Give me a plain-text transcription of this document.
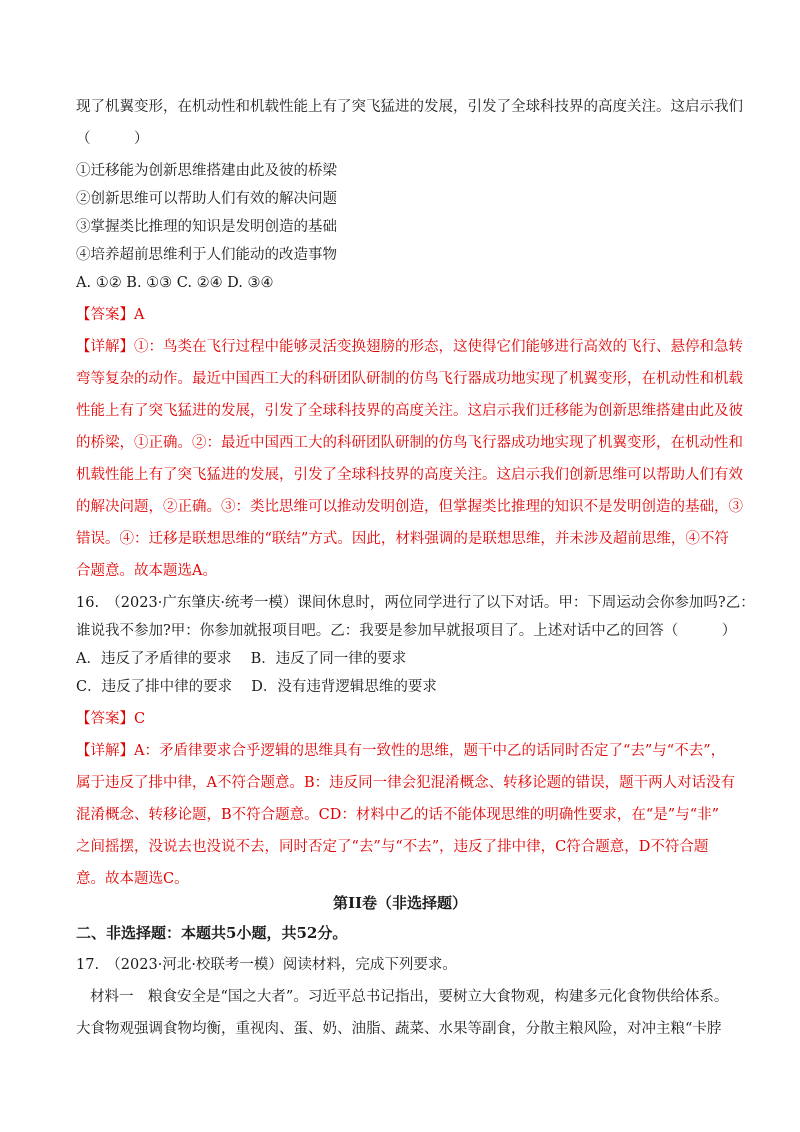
现了机翼变形，在机动性和机载性能上有了突飞猛进的发展，引发了全球科技界的高度关注。这启示我们
（　　　）
①迁移能为创新思维搭建由此及彼的桥梁
②创新思维可以帮助人们有效的解决问题
③掌握类比推理的知识是发明创造的基础
④培养超前思维利于人们能动的改造事物
A. ①② B. ①③ C. ②④ D. ③④
【答案】A
【详解】①：鸟类在飞行过程中能够灵活变换翅膀的形态，这使得它们能够进行高效的飞行、悬停和急转
弯等复杂的动作。最近中国西工大的科研团队研制的仿鸟飞行器成功地实现了机翼变形，在机动性和机载
性能上有了突飞猛进的发展，引发了全球科技界的高度关注。这启示我们迁移能为创新思维搭建由此及彼
的桥梁，①正确。②：最近中国西工大的科研团队研制的仿鸟飞行器成功地实现了机翼变形，在机动性和
机载性能上有了突飞猛进的发展，引发了全球科技界的高度关注。这启示我们创新思维可以帮助人们有效
的解决问题，②正确。③：类比思维可以推动发明创造，但掌握类比推理的知识不是发明创造的基础，③
错误。④：迁移是联想思维的“联结”方式。因此，材料强调的是联想思维，并未涉及超前思维，④不符
合题意。故本题选A。
16.　（2023·广东肇庆·统考一模）课间休息时，两位同学进行了以下对话。甲：下周运动会你参加吗?乙：
谁说我不参加?甲：你参加就报项目吧。乙：我要是参加早就报项目了。上述对话中乙的回答（　　　）
A．违反了矛盾律的要求　 B．违反了同一律的要求
C．违反了排中律的要求　 D．没有违背逻辑思维的要求
【答案】C
【详解】A：矛盾律要求合乎逻辑的思维具有一致性的思维，题干中乙的话同时否定了“去”与“不去”，
属于违反了排中律，A不符合题意。B：违反同一律会犯混淆概念、转移论题的错误，题干两人对话没有
混淆概念、转移论题，B不符合题意。CD：材料中乙的话不能体现思维的明确性要求，在“是”与“非”
之间摇摆，没说去也没说不去，同时否定了“去”与“不去”，违反了排中律，C符合题意，D不符合题
意。故本题选C。
第II卷（非选择题）
二、非选择题：本题共5小题，共52分。
17.　（2023·河北·校联考一模）阅读材料，完成下列要求。
材料一　粮食安全是“国之大者”。习近平总书记指出，要树立大食物观，构建多元化食物供给体系。
大食物观强调食物均衡，重视肉、蛋、奶、油脂、蔬菜、水果等副食，分散主粮风险，对冲主粮“卡脖
